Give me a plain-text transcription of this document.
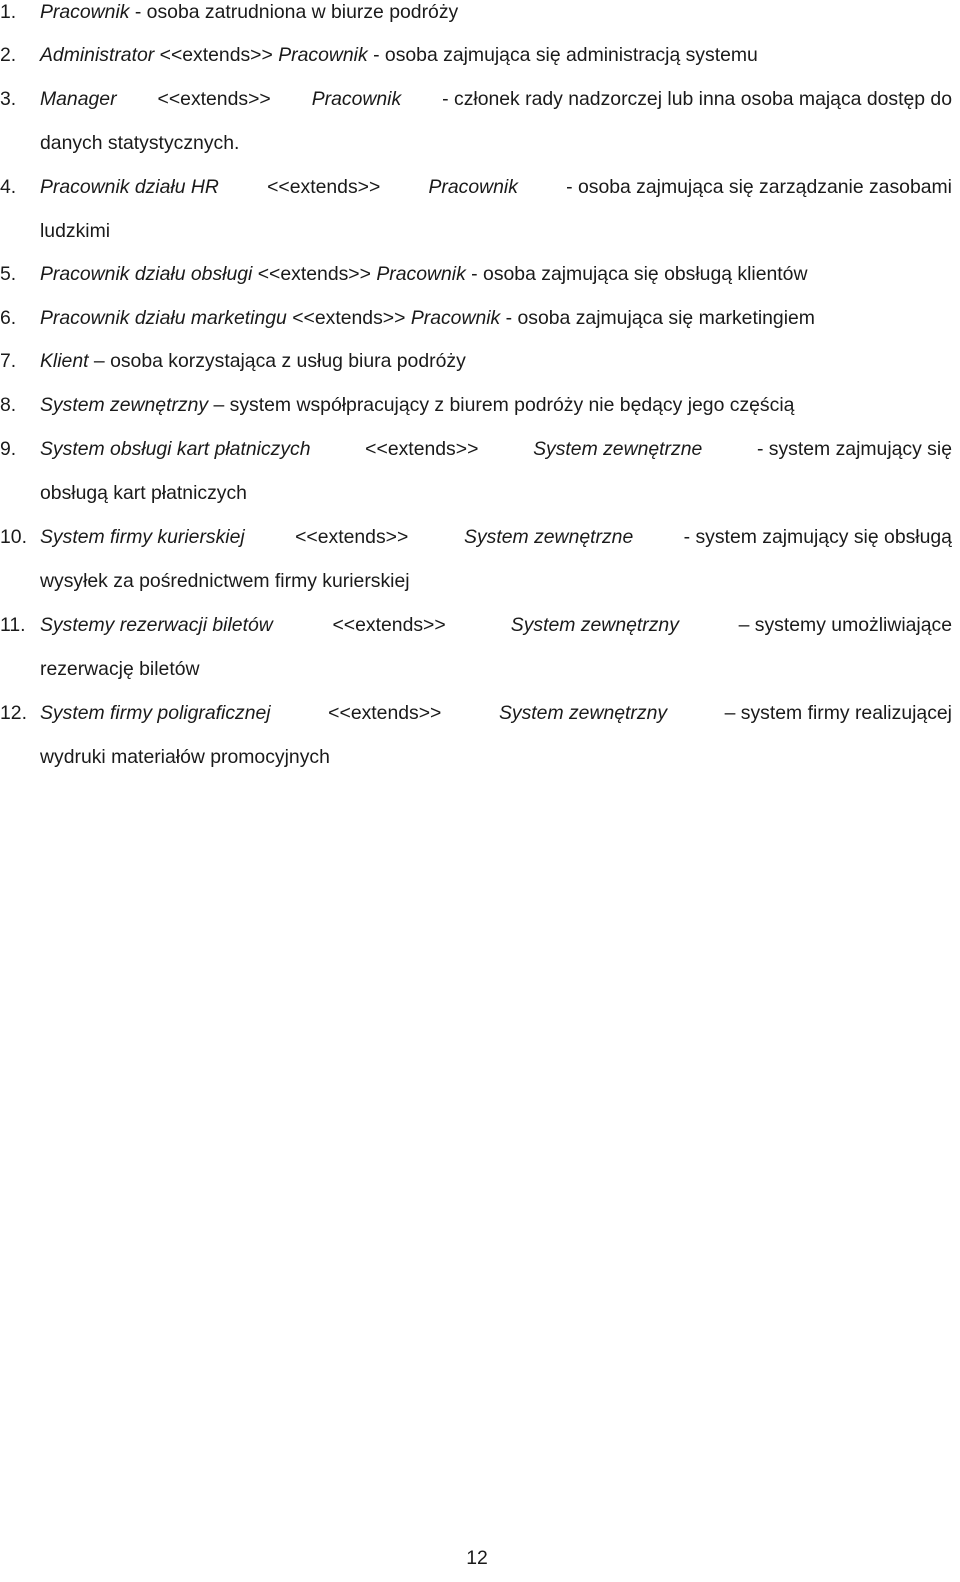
1. Pracownik - osoba zatrudniona w biurze podróży
2. Administrator <<extends>> Pracownik - osoba zajmująca się administracją systemu
3. Manager <<extends>> Pracownik - członek rady nadzorczej lub inna osoba mająca dostęp do
danych statystycznych.
4. Pracownik działu HR <<extends>> Pracownik - osoba zajmująca się zarządzanie zasobami
ludzkimi
5. Pracownik działu obsługi <<extends>> Pracownik - osoba zajmująca się obsługą klientów
6. Pracownik działu marketingu <<extends>> Pracownik - osoba zajmująca się marketingiem
7. Klient – osoba korzystająca z usług biura podróży
8. System zewnętrzny – system współpracujący z biurem podróży nie będący jego częścią
9. System obsługi kart płatniczych	<<extends>>	System zewnętrzne	- system zajmujący się
obsługą kart płatniczych
10. System firmy kurierskiej <<extends>> System zewnętrzne - system zajmujący się obsługą
wysyłek za pośrednictwem firmy kurierskiej
11. Systemy rezerwacji biletów	<<extends>>	System zewnętrzny	– systemy umożliwiające
rezerwację biletów
12. System firmy poligraficznej	<<extends>>	System zewnętrzny	– system firmy realizującej
wydruki materiałów promocyjnych
12
